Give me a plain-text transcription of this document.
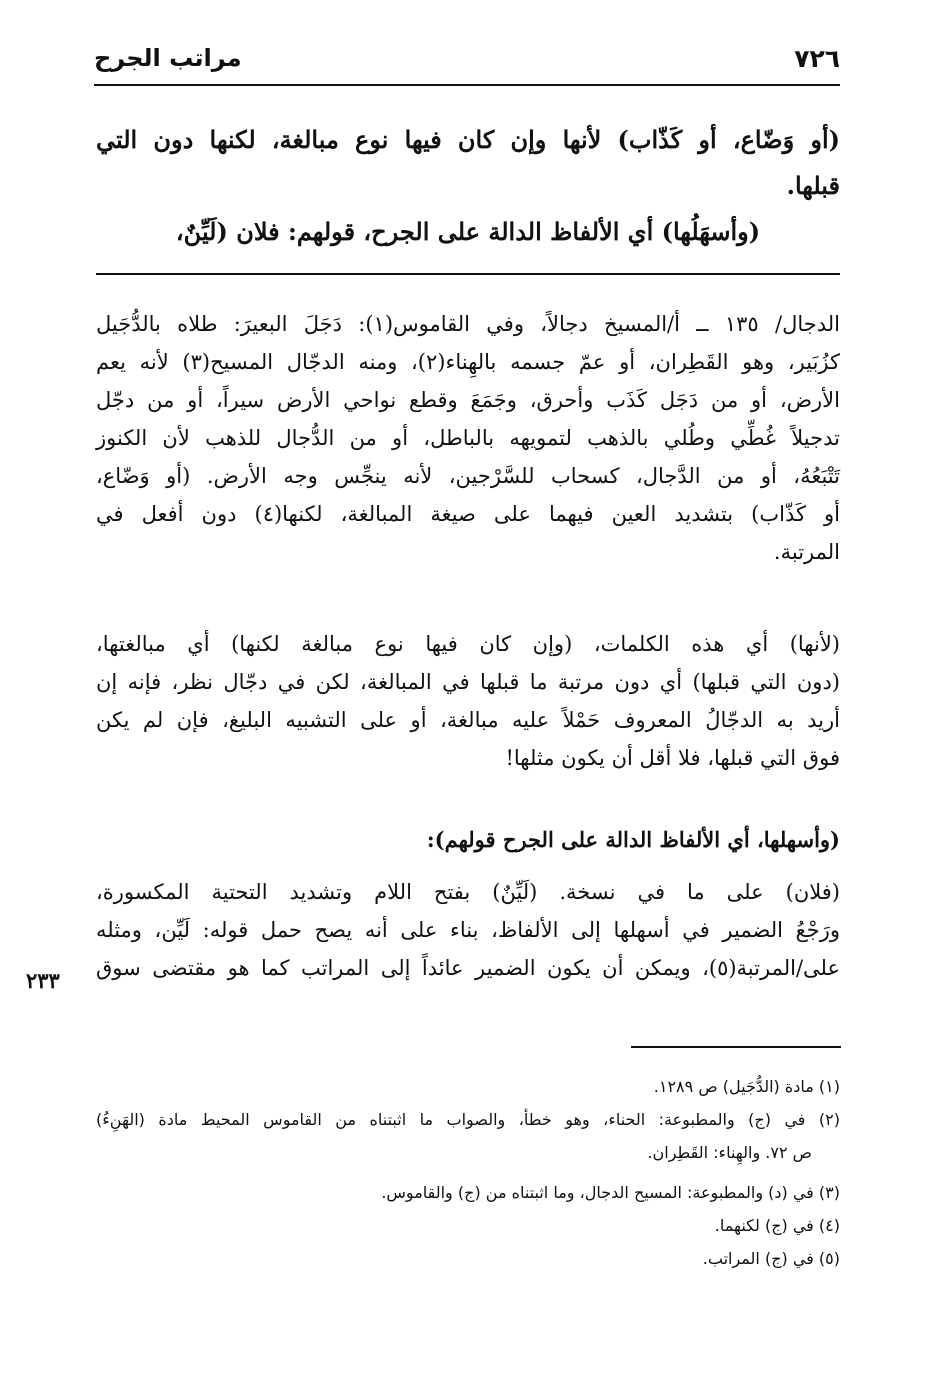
٧٢٦
مراتب الجرح
(أو وَضّاع، أو كَذّاب) لأنها وإن كان فيها نوع مبالغة، لكنها دون التي
قبلها.
(وأسهَلُها) أي الألفاظ الدالة على الجرح، قولهم: فلان (لَيِّنٌ،
الدجال/ ١٣٥ ــ أ/المسيخ دجالاً، وفي القاموس(١): دَجَلَ البعيرَ: طلاه بالدُّجَيل
كزُبَير، وهو القَطِران، أو عمّ جسمه بالهِناء(٢)، ومنه الدجّال المسيح(٣) لأنه يعم
الأرض، أو من دَجَل كَذَب وأحرق، وجَمَعَ وقطع نواحي الأرض سيراً، أو من دجّل
تدجيلاً غُطِّي وطُلي بالذهب لتمويهه بالباطل، أو من الدُّجال للذهب لأن الكنوز
تَتْبَعُهُ، أو من الدَّجال، كسحاب للسَّرْجين، لأنه ينجِّس وجه الأرض. (أو وَضّاع،
أو كَذّاب) بتشديد العين فيهما على صيغة المبالغة، لكنها(٤) دون أفعل في
المرتبة.
(لأنها) أي هذه الكلمات، (وإن كان فيها نوع مبالغة لكنها) أي مبالغتها،
(دون التي قبلها) أي دون مرتبة ما قبلها في المبالغة، لكن في دجّال نظر، فإنه إن
أريد به الدجّالُ المعروف حَمْلاً عليه مبالغة، أو على التشبيه البليغ، فإن لم يكن
فوق التي قبلها، فلا أقل أن يكون مثلها!
(وأسهلها، أي الألفاظ الدالة على الجرح قولهم):
(فلان) على ما في نسخة. (لَيِّنٌ) بفتح اللام وتشديد التحتية المكسورة،
ورَجْعُ الضمير في أسهلها إلى الألفاظ، بناء على أنه يصح حمل قوله: لَيِّن، ومثله
على/المرتبة(٥)، ويمكن أن يكون الضمير عائداً إلى المراتب كما هو مقتضى سوق
٢٣٣
(١) مادة (الدُّجَيل) ص ١٢٨٩.
(٢) في (ج) والمطبوعة: الحناء، وهو خطأ، والصواب ما اثبتناه من القاموس المحيط مادة (الهَنِءُ)
ص ٧٢. والهِناء: القَطِران.
(٣) في (د) والمطبوعة: المسيح الدجال، وما اثبتناه من (ج) والقاموس.
(٤) في (ج) لكنهما.
(٥) في (ج) المراتب.
